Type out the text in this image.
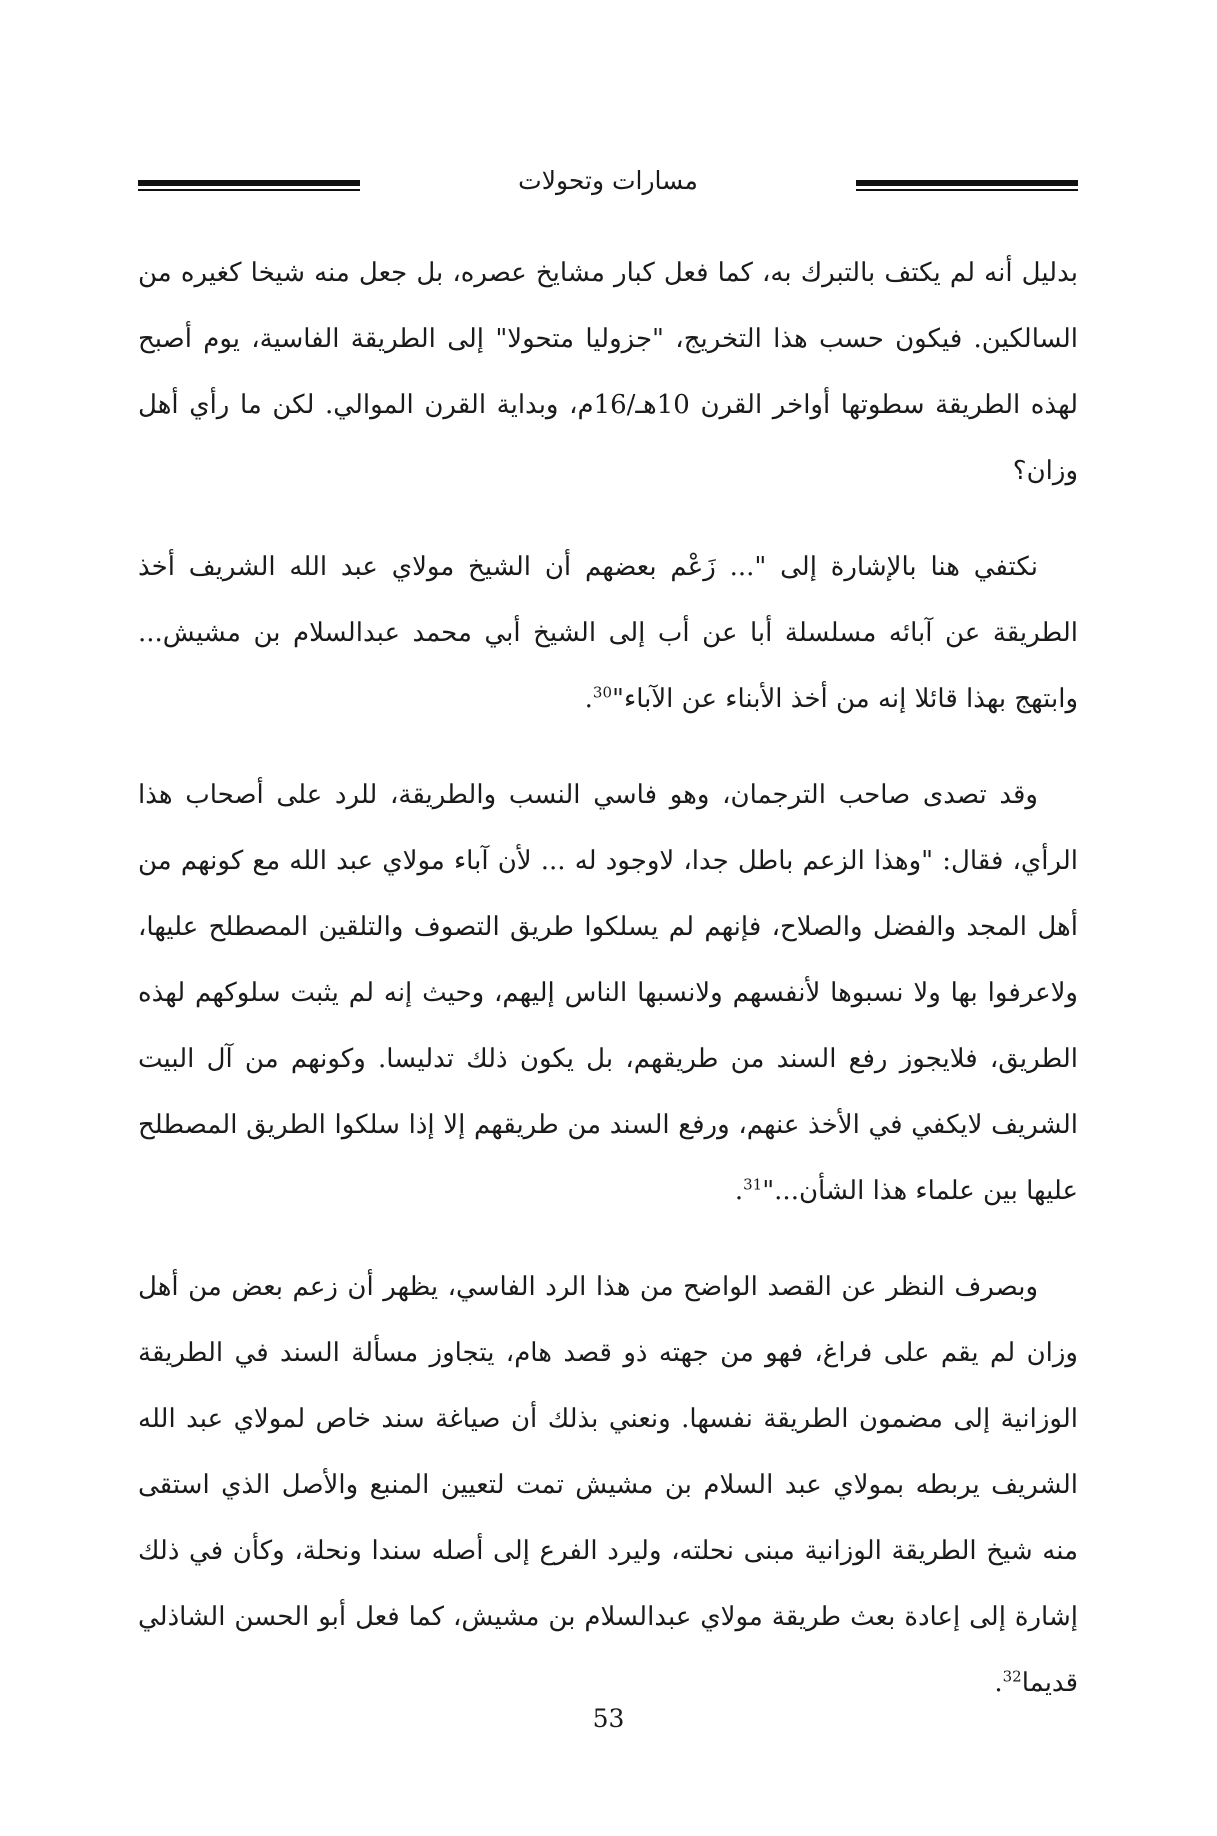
مسارات وتحولات

بدليل أنه لم يكتف بالتبرك به، كما فعل كبار مشايخ عصره، بل جعل منه شيخا كغيره من السالكين. فيكون حسب هذا التخريج، "جزوليا متحولا" إلى الطريقة الفاسية، يوم أصبح لهذه الطريقة سطوتها أواخر القرن 10هـ/16م، وبداية القرن الموالي. لكن ما رأي أهل وزان؟

نكتفي هنا بالإشارة إلى "... زَعْم بعضهم أن الشيخ مولاي عبد الله الشريف أخذ الطريقة عن آبائه مسلسلة أبا عن أب إلى الشيخ أبي محمد عبدالسلام بن مشيش... وابتهج بهذا قائلا إنه من أخذ الأبناء عن الآباء"$^{30}$.

وقد تصدى صاحب الترجمان، وهو فاسي النسب والطريقة، للرد على أصحاب هذا الرأي، فقال: "وهذا الزعم باطل جدا، لاوجود له ... لأن آباء مولاي عبد الله مع كونهم من أهل المجد والفضل والصلاح، فإنهم لم يسلكوا طريق التصوف والتلقين المصطلح عليها، ولاعرفوا بها ولا نسبوها لأنفسهم ولانسبها الناس إليهم، وحيث إنه لم يثبت سلوكهم لهذه الطريق، فلايجوز رفع السند من طريقهم، بل يكون ذلك تدليسا. وكونهم من آل البيت الشريف لايكفي في الأخذ عنهم، ورفع السند من طريقهم إلا إذا سلكوا الطريق المصطلح عليها بين علماء هذا الشأن..."$^{31}$.

وبصرف النظر عن القصد الواضح من هذا الرد الفاسي، يظهر أن زعم بعض من أهل وزان لم يقم على فراغ، فهو من جهته ذو قصد هام، يتجاوز مسألة السند في الطريقة الوزانية إلى مضمون الطريقة نفسها. ونعني بذلك أن صياغة سند خاص لمولاي عبد الله الشريف يربطه بمولاي عبد السلام بن مشيش تمت لتعيين المنبع والأصل الذي استقى منه شيخ الطريقة الوزانية مبنى نحلته، وليرد الفرع إلى أصله سندا ونحلة، وكأن في ذلك إشارة إلى إعادة بعث طريقة مولاي عبدالسلام بن مشيش، كما فعل أبو الحسن الشاذلي قديما$^{32}$.

53
